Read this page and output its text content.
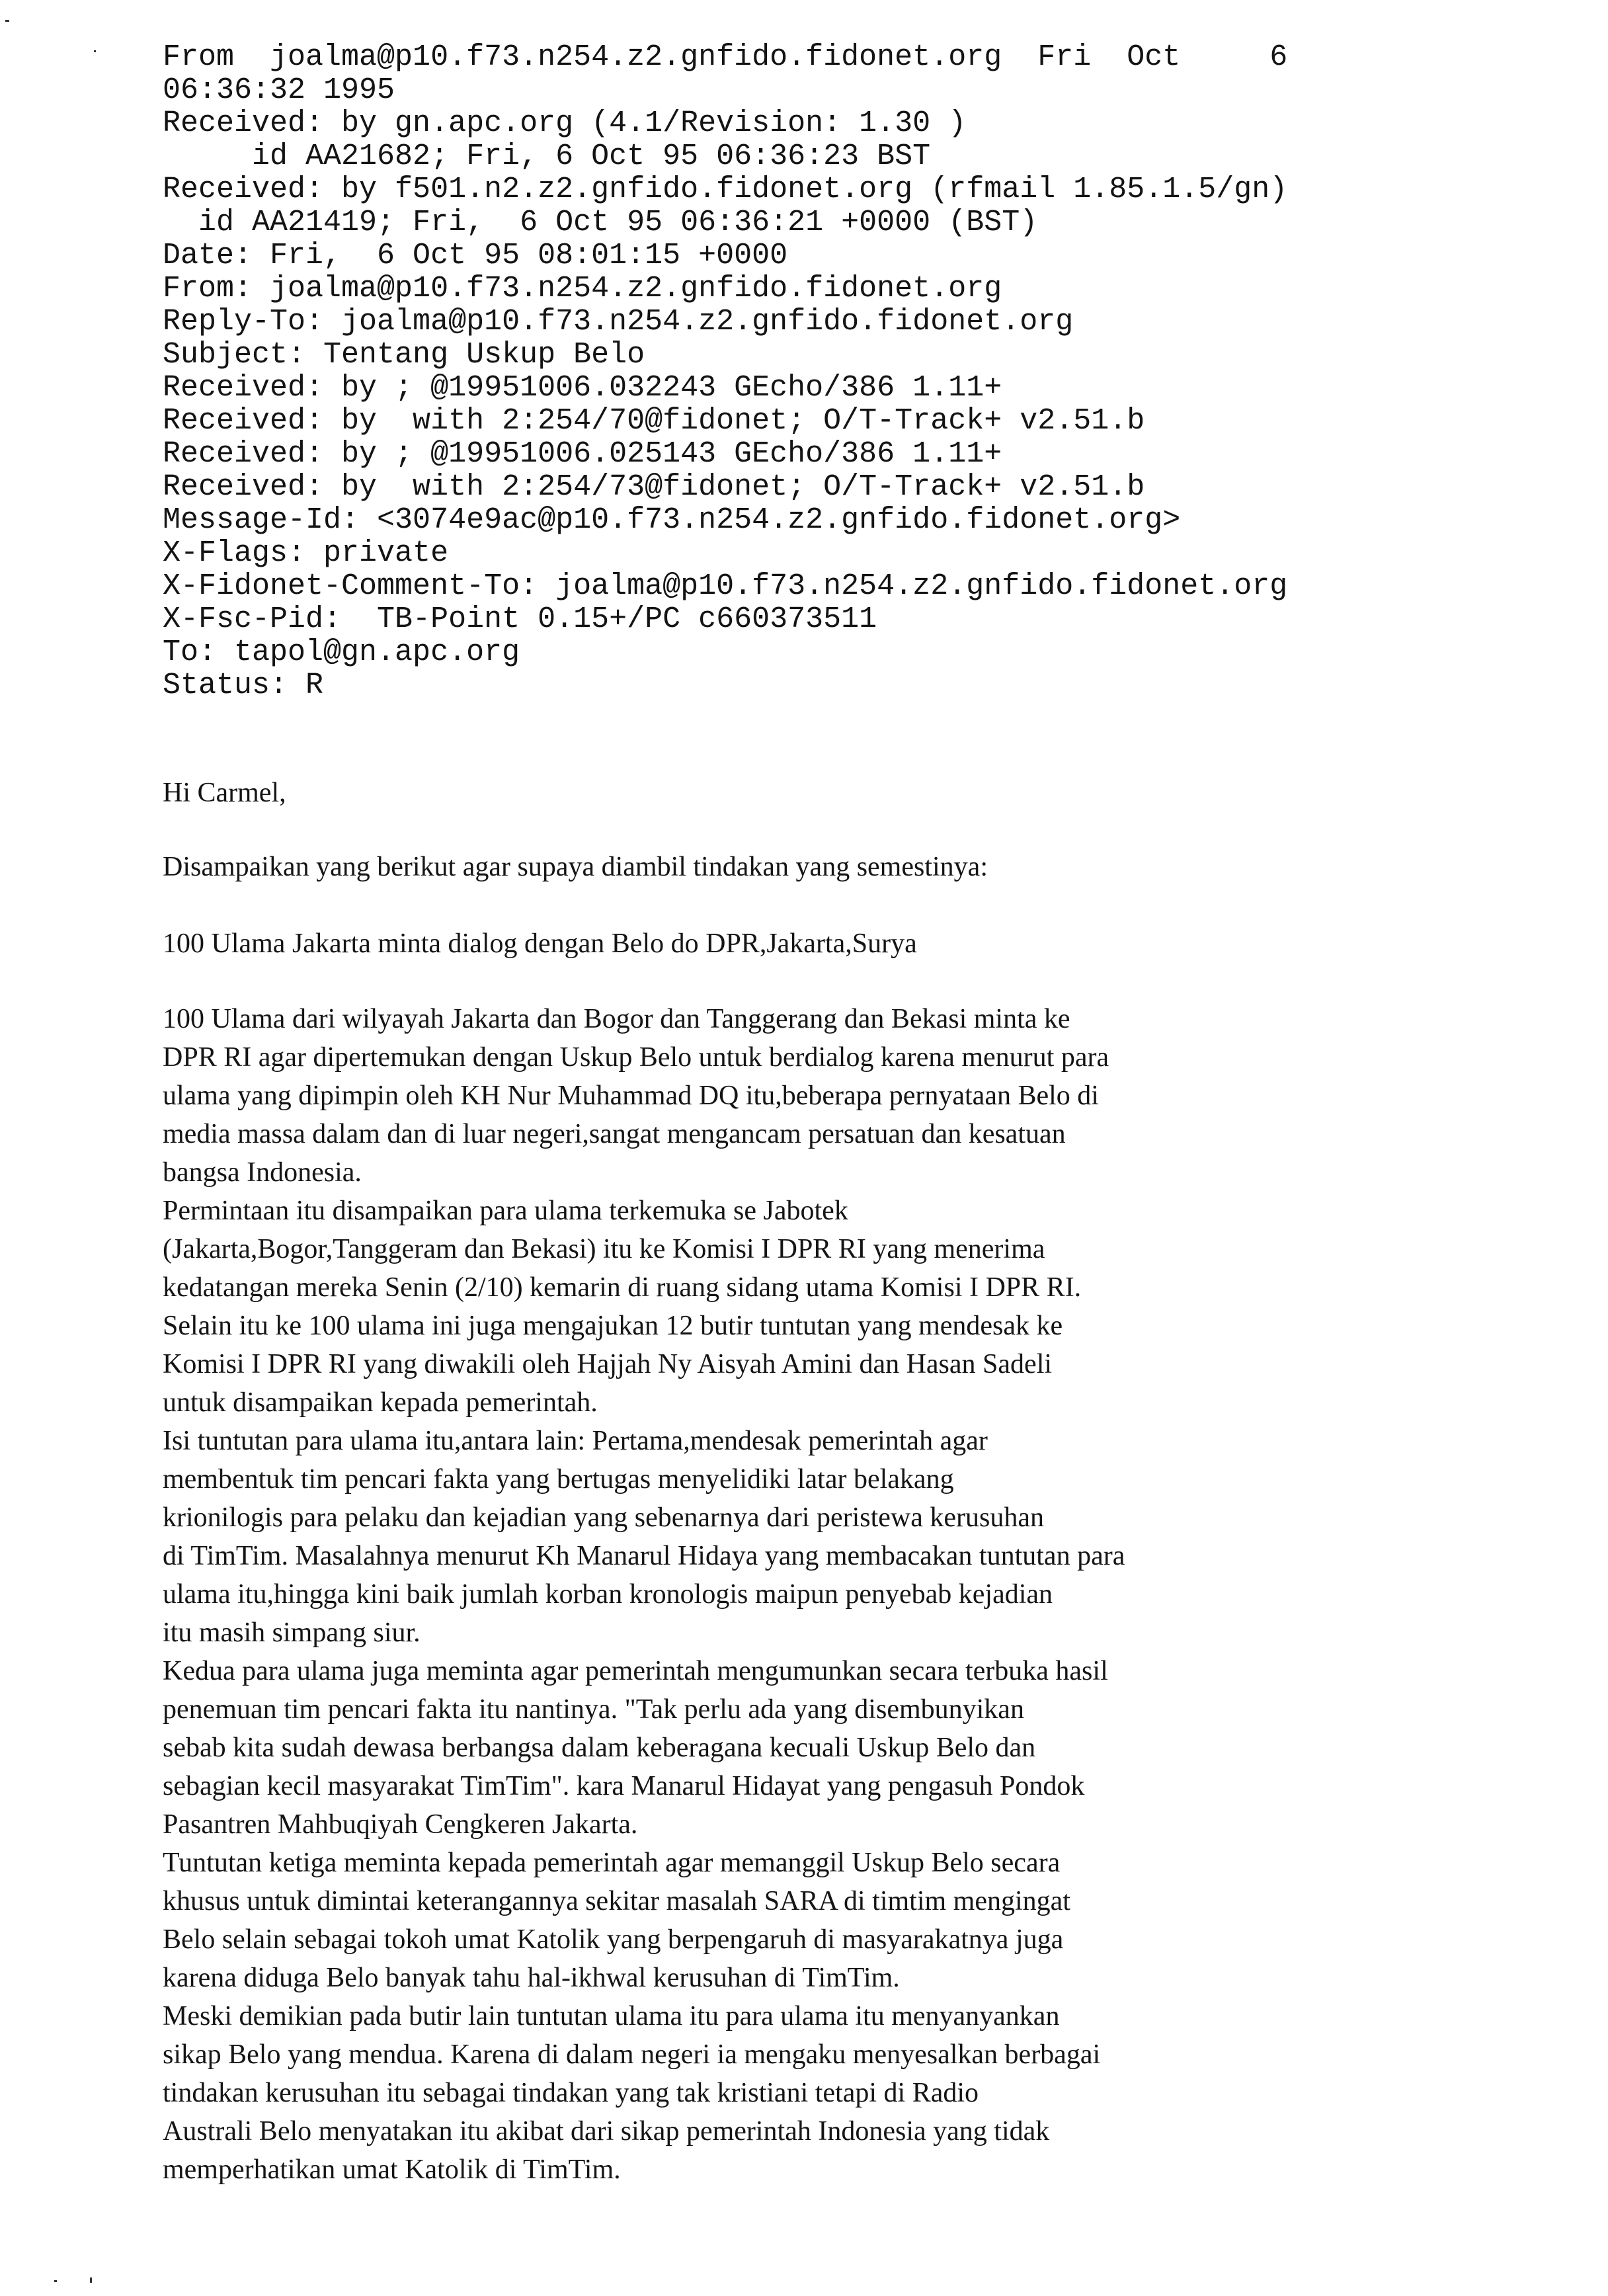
From  joalma@p10.f73.n254.z2.gnfido.fidonet.org  Fri  Oct     6
06:36:32 1995
Received: by gn.apc.org (4.1/Revision: 1.30 )
id AA21682; Fri, 6 Oct 95 06:36:23 BST
Received: by f501.n2.z2.gnfido.fidonet.org (rfmail 1.85.1.5/gn)
id AA21419; Fri,  6 Oct 95 06:36:21 +0000 (BST)
Date: Fri,  6 Oct 95 08:01:15 +0000
From: joalma@p10.f73.n254.z2.gnfido.fidonet.org
Reply-To: joalma@p10.f73.n254.z2.gnfido.fidonet.org
Subject: Tentang Uskup Belo
Received: by ; @19951006.032243 GEcho/386 1.11+
Received: by  with 2:254/70@fidonet; O/T-Track+ v2.51.b
Received: by ; @19951006.025143 GEcho/386 1.11+
Received: by  with 2:254/73@fidonet; O/T-Track+ v2.51.b
Message-Id: <3074e9ac@p10.f73.n254.z2.gnfido.fidonet.org>
X-Flags: private
X-Fidonet-Comment-To: joalma@p10.f73.n254.z2.gnfido.fidonet.org
X-Fsc-Pid:  TB-Point 0.15+/PC c660373511
To: tapol@gn.apc.org
Status: R
Hi Carmel,
Disampaikan yang berikut agar supaya diambil tindakan yang semestinya:
100 Ulama Jakarta minta dialog dengan Belo do DPR,Jakarta,Surya
100 Ulama dari wilyayah Jakarta dan Bogor dan Tanggerang dan Bekasi minta ke
DPR RI agar dipertemukan dengan Uskup Belo untuk berdialog karena menurut para
ulama yang dipimpin oleh KH Nur Muhammad DQ itu,beberapa pernyataan Belo di
media massa dalam dan di luar negeri,sangat mengancam persatuan dan kesatuan
bangsa Indonesia.
Permintaan itu disampaikan para ulama terkemuka se Jabotek
(Jakarta,Bogor,Tanggeram dan Bekasi) itu ke Komisi I DPR RI yang menerima
kedatangan mereka Senin (2/10) kemarin di ruang sidang utama Komisi I DPR RI.
Selain itu ke 100 ulama ini juga mengajukan 12 butir tuntutan yang mendesak ke
Komisi I DPR RI yang diwakili oleh Hajjah Ny Aisyah Amini dan Hasan Sadeli
untuk disampaikan kepada pemerintah.
Isi tuntutan para ulama itu,antara lain: Pertama,mendesak pemerintah agar
membentuk tim pencari fakta yang bertugas menyelidiki latar belakang
krionilogis para pelaku dan kejadian yang sebenarnya dari peristewa kerusuhan
di TimTim. Masalahnya menurut Kh Manarul Hidaya yang membacakan tuntutan para
ulama itu,hingga kini baik jumlah korban kronologis maipun penyebab kejadian
itu masih simpang siur.
Kedua para ulama juga meminta agar pemerintah mengumunkan secara terbuka hasil
penemuan tim pencari fakta itu nantinya. "Tak perlu ada yang disembunyikan
sebab kita sudah dewasa berbangsa dalam keberagana kecuali Uskup Belo dan
sebagian kecil masyarakat TimTim". kara Manarul Hidayat yang pengasuh Pondok
Pasantren Mahbuqiyah Cengkeren Jakarta.
Tuntutan ketiga meminta kepada pemerintah agar memanggil Uskup Belo secara
khusus untuk dimintai keterangannya sekitar masalah SARA di timtim mengingat
Belo selain sebagai tokoh umat Katolik yang berpengaruh di masyarakatnya juga
karena diduga Belo banyak tahu hal-ikhwal kerusuhan di TimTim.
Meski demikian pada butir lain tuntutan ulama itu para ulama itu menyanyankan
sikap Belo yang mendua. Karena di dalam negeri ia mengaku menyesalkan berbagai
tindakan kerusuhan itu sebagai tindakan yang tak kristiani tetapi di Radio
Australi Belo menyatakan itu akibat dari sikap pemerintah Indonesia yang tidak
memperhatikan umat Katolik di TimTim.
